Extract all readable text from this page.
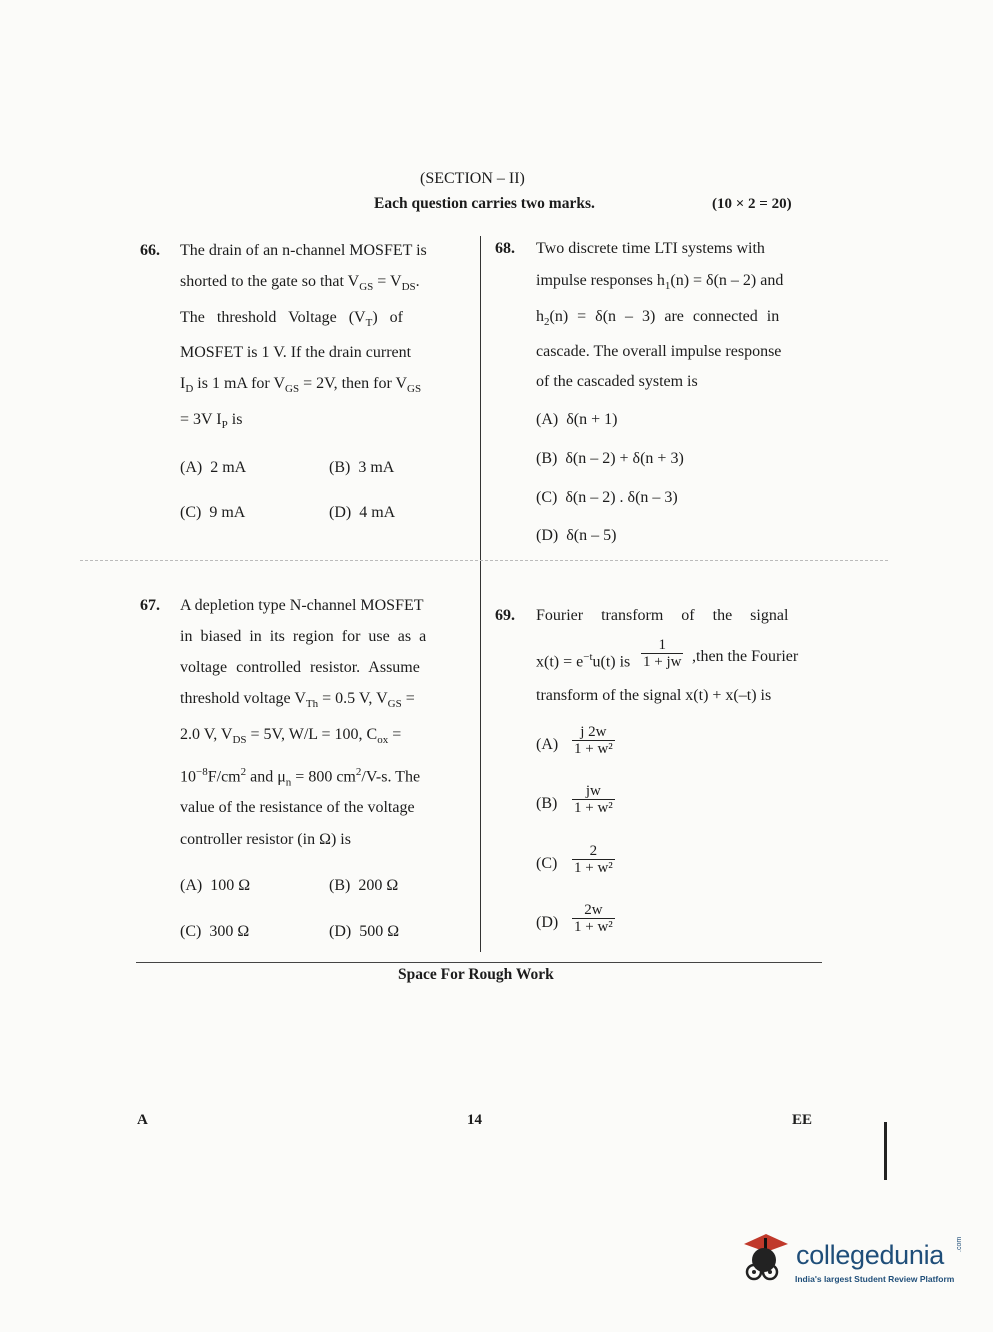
(SECTION – II)
Each question carries two marks.	(10 × 2 = 20)
66. The drain of an n-channel MOSFET is
shorted to the gate so that $V_{GS} = V_{DS}$.
The threshold Voltage $(V_T)$ of
MOSFET is 1 V. If the drain current
$I_D$ is 1 mA for $V_{GS} = 2V$, then for $V_{GS}$
= 3V $I_P$ is
(A) 2 mA	(B) 3 mA
(C) 9 mA	(D) 4 mA
68. Two discrete time LTI systems with
impulse responses $h_1(n) = \delta(n - 2)$ and
$h_2(n) = \delta(n - 3)$ are connected in
cascade. The overall impulse response
of the cascaded system is
(A) δ(n + 1)
(B) δ(n – 2) + δ(n + 3)
(C) δ(n – 2) . δ(n – 3)
(D) δ(n – 5)
67. A depletion type N-channel MOSFET
in biased in its region for use as a
voltage controlled resistor. Assume
threshold voltage $V_{Th} = 0.5$ V, $V_{GS}$ =
2.0 V, $V_{DS} = 5V$, W/L = 100, $C_{ox}$ =
$10^{-8}F/cm^2$ and $\mu_n = 800$ $cm^2/V-s$. The
value of the resistance of the voltage
controller resistor (in Ω) is
(A) 100 Ω	(B) 200 Ω
(C) 300 Ω	(D) 500 Ω
69. Fourier transform of the signal
$x(t) = e^{-t}u(t)$ is $\frac{1}{1 + jw}$ ,then the Fourier
transform of the signal x(t) + x(–t) is
$(A) \frac{j 2w}{\text{1 + w²}}$
$(B) \frac{jw}{\text{1 + w²}}$
$(C) \frac{2}{\text{1 + w²}}$
$(D) \frac{2w}{\text{1 + w²}}$
Space For Rough Work
A	14	EE
collegedunia .com
India's largest Student Review Platform
